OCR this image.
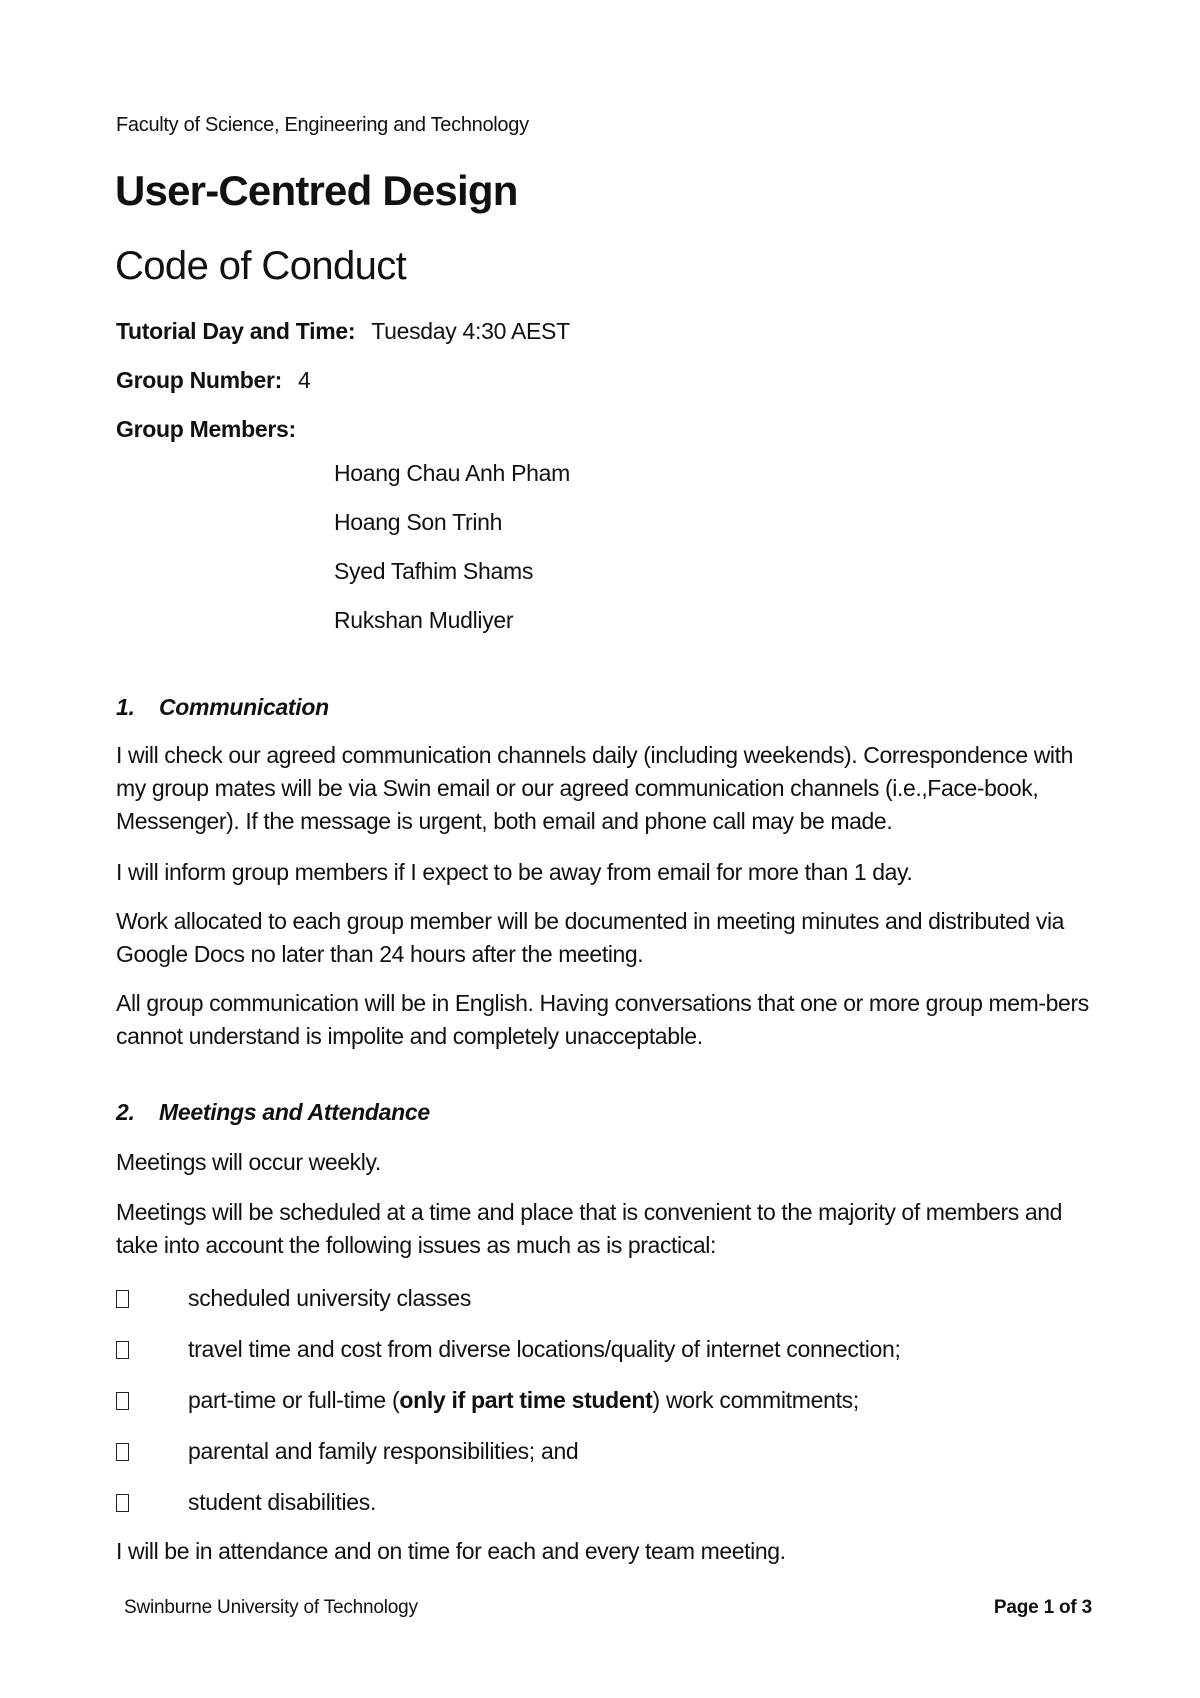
Faculty of Science, Engineering and Technology
User-Centred Design
Code of Conduct
Tutorial Day and Time: Tuesday 4:30 AEST
Group Number: 4
Group Members:
Hoang Chau Anh Pham
Hoang Son Trinh
Syed Tafhim Shams
Rukshan Mudliyer
1. Communication
I will check our agreed communication channels daily (including weekends). Correspondence with my group mates will be via Swin email or our agreed communication channels (i.e.,Face-book, Messenger). If the message is urgent, both email and phone call may be made.
I will inform group members if I expect to be away from email for more than 1 day.
Work allocated to each group member will be documented in meeting minutes and distributed via Google Docs no later than 24 hours after the meeting.
All group communication will be in English. Having conversations that one or more group mem-bers cannot understand is impolite and completely unacceptable.
2. Meetings and Attendance
Meetings will occur weekly.
Meetings will be scheduled at a time and place that is convenient to the majority of members and take into account the following issues as much as is practical:
scheduled university classes
travel time and cost from diverse locations/quality of internet connection;
part-time or full-time (only if part time student) work commitments;
parental and family responsibilities; and
student disabilities.
I will be in attendance and on time for each and every team meeting.
Swinburne University of Technology	Page 1 of 3
